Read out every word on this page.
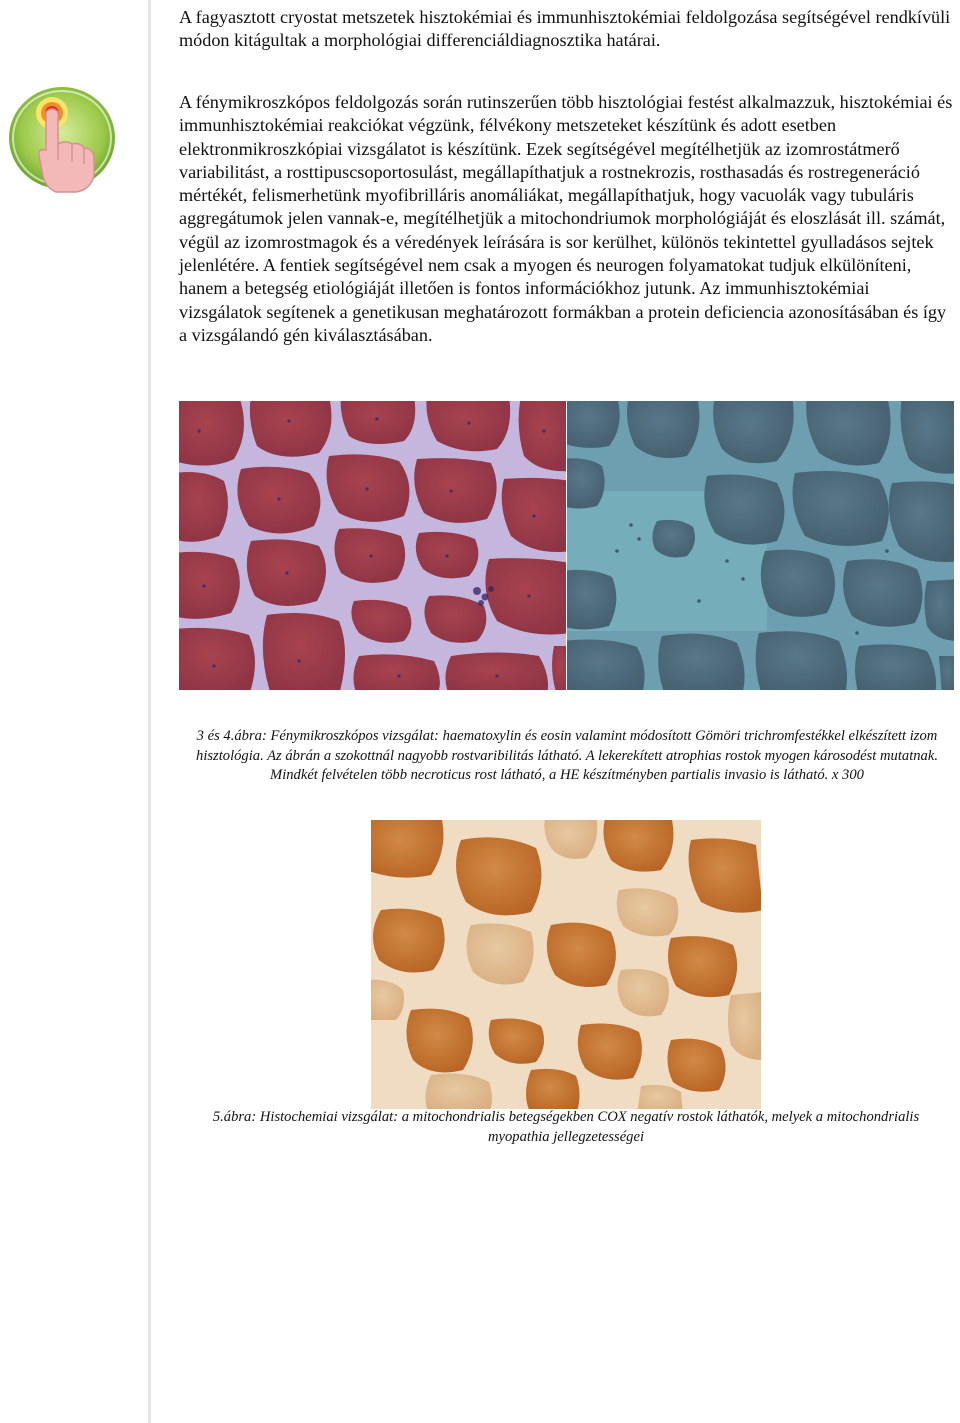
A fagyasztott cryostat metszetek hisztokémiai és immunhisztokémiai feldolgozása segítségével rendkívüli módon kitágultak a morphológiai differenciáldiagnosztika határai.

A fénymikroszkópos feldolgozás során rutinszerűen több hisztológiai festést alkalmazzuk, hisztokémiai és immunhisztokémiai reakciókat végzünk, félvékony metszeteket készítünk és adott esetben elektronmikroszkópiai vizsgálatot is készítünk. Ezek segítségével megítélhetjük az izomrostátmerő variabilitást, a rosttipuscsoportosulást, megállapíthatjuk a rostnekrozis, rosthasadás és rostregeneráció mértékét, felismerhetünk myofibrilláris anomáliákat, megállapíthatjuk, hogy vacuolák vagy tubuláris aggregátumok jelen vannak-e, megítélhetjük a mitochondriumok morphológiáját és eloszlását ill. számát, végül az izomrostmagok és a véredények leírására is sor kerülhet, különös tekintettel gyulladásos sejtek jelenlétére. A fentiek segítségével nem csak a myogen és neurogen folyamatokat tudjuk elkülöníteni, hanem a betegség etiológiáját illetően is fontos információkhoz jutunk. Az immunhisztokémiai vizsgálatok segítenek a genetikusan meghatározott formákban a protein deficiencia azonosításában és így a vizsgálandó gén kiválasztásában.

3 és 4.ábra: Fénymikroszkópos vizsgálat: haematoxylin és eosin valamint módosított Gömöri trichromfestékkel elkészített izom hisztológia. Az ábrán a szokottnál nagyobb rostvaribilitás látható. A lekerekített atrophias rostok myogen károsodést mutatnak. Mindkét felvételen több necroticus rost látható, a HE készítményben partialis invasio is látható. x 300

5.ábra: Histochemiai vizsgálat: a mitochondrialis betegségekben COX negatív rostok láthatók, melyek a mitochondrialis myopathia jellegzetességei
